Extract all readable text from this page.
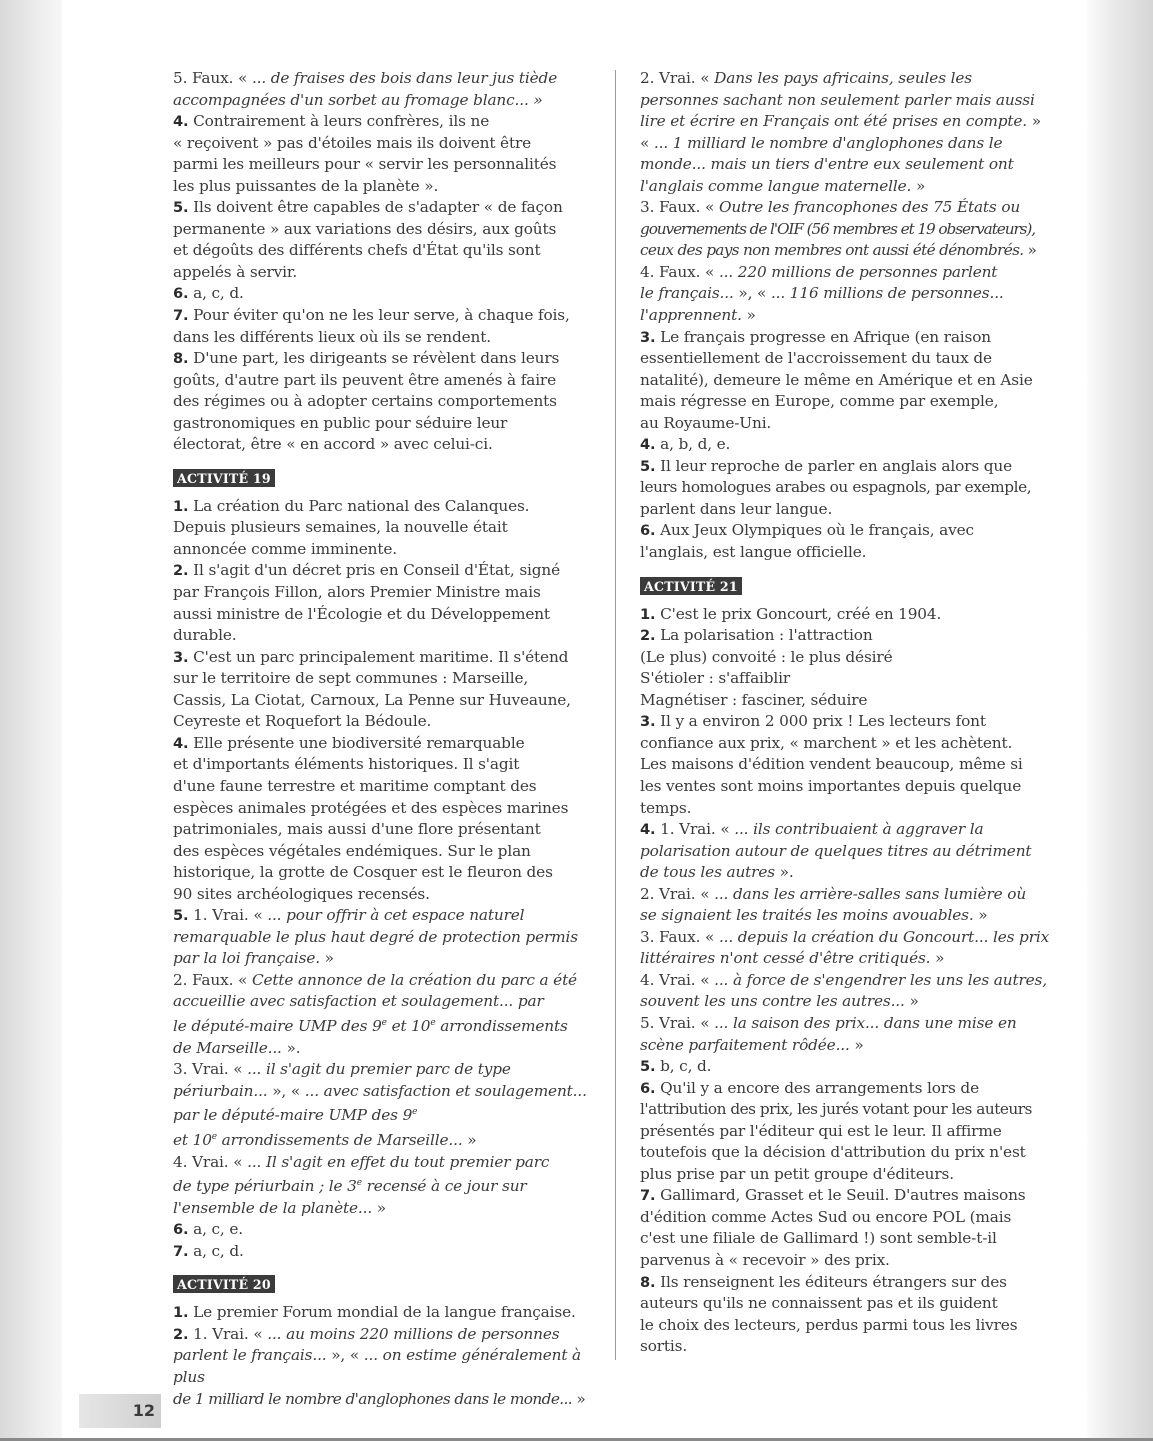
5. Faux. « ... de fraises des bois dans leur jus tiède

accompagnées d'un sorbet au fromage blanc... »

4. Contrairement à leurs confrères, ils ne

« reçoivent » pas d'étoiles mais ils doivent être

parmi les meilleurs pour « servir les personnalités

les plus puissantes de la planète ».

5. Ils doivent être capables de s'adapter « de façon

permanente » aux variations des désirs, aux goûts

et dégoûts des différents chefs d'État qu'ils sont

appelés à servir.

6. a, c, d.

7. Pour éviter qu'on ne les leur serve, à chaque fois,

dans les différents lieux où ils se rendent.

8. D'une part, les dirigeants se révèlent dans leurs

goûts, d'autre part ils peuvent être amenés à faire

des régimes ou à adopter certains comportements

gastronomiques en public pour séduire leur

électorat, être « en accord » avec celui-ci.

ACTIVITÉ 19

1. La création du Parc national des Calanques.

Depuis plusieurs semaines, la nouvelle était

annoncée comme imminente.

2. Il s'agit d'un décret pris en Conseil d'État, signé

par François Fillon, alors Premier Ministre mais

aussi ministre de l'Écologie et du Développement

durable.

3. C'est un parc principalement maritime. Il s'étend

sur le territoire de sept communes : Marseille,

Cassis, La Ciotat, Carnoux, La Penne sur Huveaune,

Ceyreste et Roquefort la Bédoule.

4. Elle présente une biodiversité remarquable

et d'importants éléments historiques. Il s'agit

d'une faune terrestre et maritime comptant des

espèces animales protégées et des espèces marines

patrimoniales, mais aussi d'une flore présentant

des espèces végétales endémiques. Sur le plan

historique, la grotte de Cosquer est le fleuron des

90 sites archéologiques recensés.

5. 1. Vrai. « ... pour offrir à cet espace naturel

remarquable le plus haut degré de protection permis

par la loi française. »

2. Faux. « Cette annonce de la création du parc a été

accueillie avec satisfaction et soulagement... par

le député-maire UMP des 9e et 10e arrondissements

de Marseille... ».

3. Vrai. « ... il s'agit du premier parc de type

périurbain... », « ... avec satisfaction et soulagement...

par le député-maire UMP des 9e

et 10e arrondissements de Marseille... »

4. Vrai. « ... Il s'agit en effet du tout premier parc

de type périurbain ; le 3e recensé à ce jour sur

l'ensemble de la planète... »

6. a, c, e.

7. a, c, d.

ACTIVITÉ 20

1. Le premier Forum mondial de la langue française.

2. 1. Vrai. « ... au moins 220 millions de personnes

parlent le français... », « ... on estime généralement à plus

de 1 milliard le nombre d'anglophones dans le monde... »

2. Vrai. « Dans les pays africains, seules les

personnes sachant non seulement parler mais aussi

lire et écrire en Français ont été prises en compte. »

« ... 1 milliard le nombre d'anglophones dans le

monde... mais un tiers d'entre eux seulement ont

l'anglais comme langue maternelle. »

3. Faux. « Outre les francophones des 75 États ou

gouvernements de l'OIF (56 membres et 19 observateurs),

ceux des pays non membres ont aussi été dénombrés. »

4. Faux. « ... 220 millions de personnes parlent

le français... », « ... 116 millions de personnes...

l'apprennent. »

3. Le français progresse en Afrique (en raison

essentiellement de l'accroissement du taux de

natalité), demeure le même en Amérique et en Asie

mais régresse en Europe, comme par exemple,

au Royaume-Uni.

4. a, b, d, e.

5. Il leur reproche de parler en anglais alors que

leurs homologues arabes ou espagnols, par exemple,

parlent dans leur langue.

6. Aux Jeux Olympiques où le français, avec

l'anglais, est langue officielle.

ACTIVITÉ 21

1. C'est le prix Goncourt, créé en 1904.

2. La polarisation : l'attraction

(Le plus) convoité : le plus désiré

S'étioler : s'affaiblir

Magnétiser : fasciner, séduire

3. Il y a environ 2 000 prix ! Les lecteurs font

confiance aux prix, « marchent » et les achètent.

Les maisons d'édition vendent beaucoup, même si

les ventes sont moins importantes depuis quelque

temps.

4. 1. Vrai. « ... ils contribuaient à aggraver la

polarisation autour de quelques titres au détriment

de tous les autres ».

2. Vrai. « ... dans les arrière-salles sans lumière où

se signaient les traités les moins avouables. »

3. Faux. « ... depuis la création du Goncourt... les prix

littéraires n'ont cessé d'être critiqués. »

4. Vrai. « ... à force de s'engendrer les uns les autres,

souvent les uns contre les autres... »

5. Vrai. « ... la saison des prix... dans une mise en

scène parfaitement rôdée... »

5. b, c, d.

6. Qu'il y a encore des arrangements lors de

l'attribution des prix, les jurés votant pour les auteurs

présentés par l'éditeur qui est le leur. Il affirme

toutefois que la décision d'attribution du prix n'est

plus prise par un petit groupe d'éditeurs.

7. Gallimard, Grasset et le Seuil. D'autres maisons

d'édition comme Actes Sud ou encore POL (mais

c'est une filiale de Gallimard !) sont semble-t-il

parvenus à « recevoir » des prix.

8. Ils renseignent les éditeurs étrangers sur des

auteurs qu'ils ne connaissent pas et ils guident

le choix des lecteurs, perdus parmi tous les livres

sortis.

12
